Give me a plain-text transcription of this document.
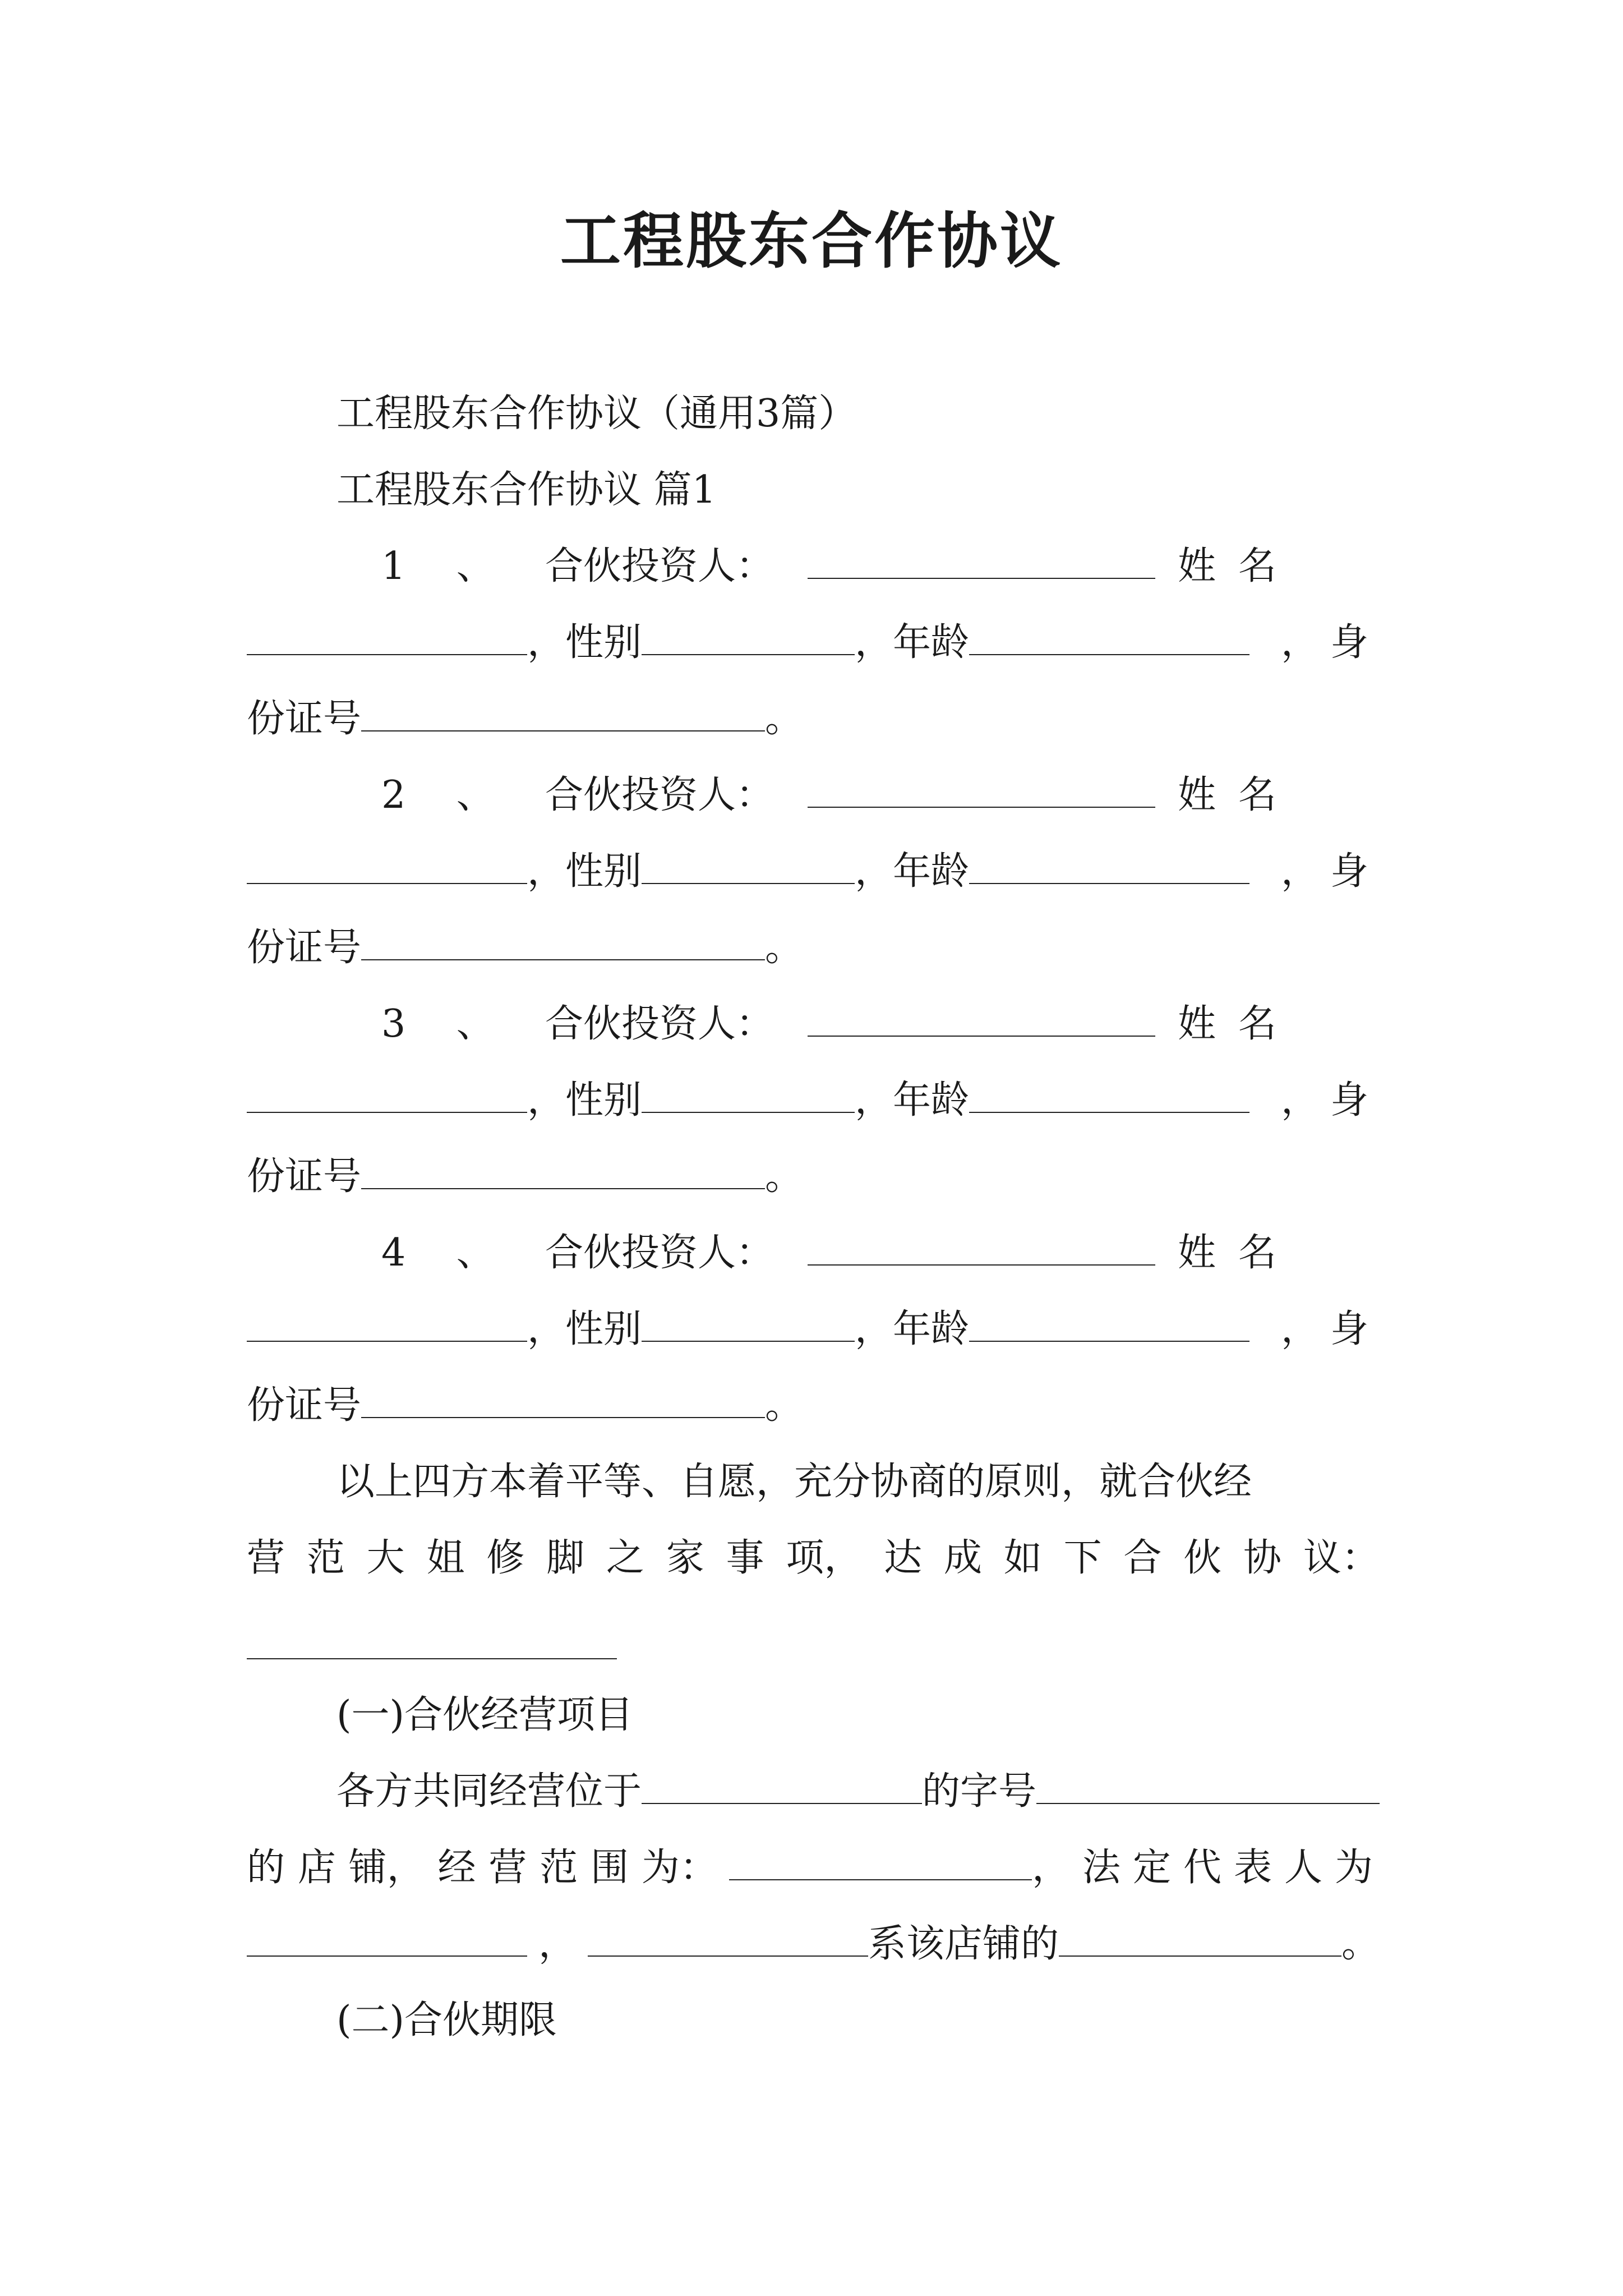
工程股东合作协议
工程股东合作协议（通用3篇）
工程股东合作协议 篇1
1 、 合伙投资人：	姓名
，性别	，年龄	，身
份证号	。
2 、 合伙投资人：	姓名
，性别	，年龄	，身
份证号	。
3 、 合伙投资人：	姓名
，性别	，年龄	，身
份证号	。
4 、 合伙投资人：	姓名
，性别	，年龄	，身
份证号	。
以上四方本着平等、自愿，充分协商的原则，就合伙经
营 范 大 姐 修 脚 之 家 事 项， 达 成 如 下 合 伙 协 议：
(一)合伙经营项目
各方共同经营位于	的字号
的 店 铺， 经 营 范 围 为：	，法定代表人为
，	系该店铺的	。
(二)合伙期限
